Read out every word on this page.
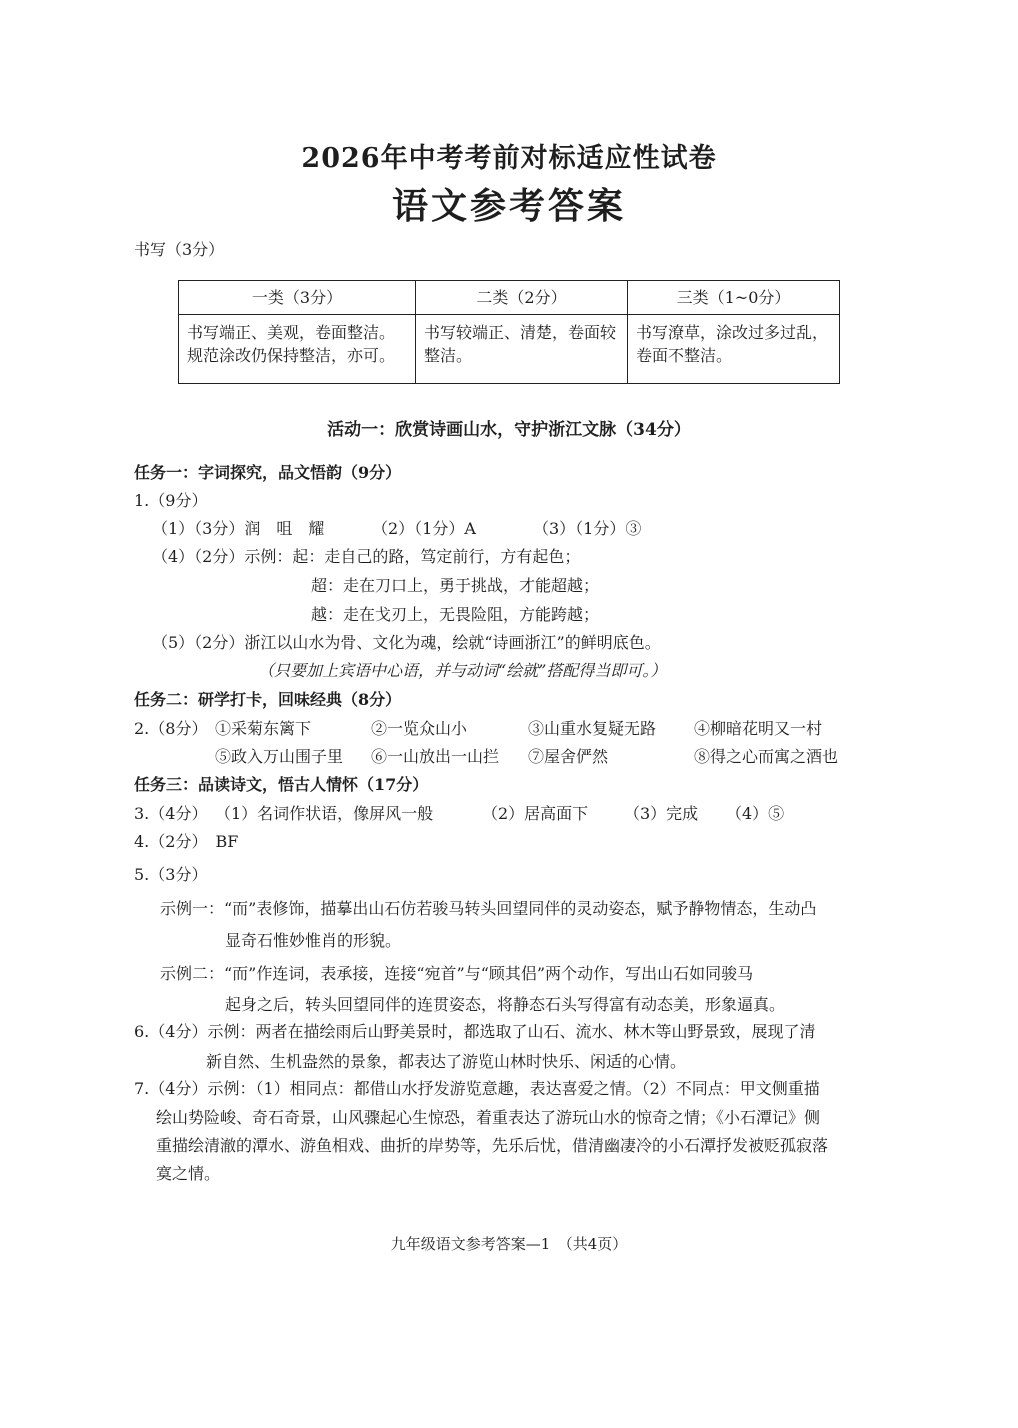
2026年中考考前对标适应性试卷
语文参考答案
书写（3分）
一类（3分）	二类（2分）	三类（1~0分）
书写端正、美观，卷面整洁。规范涂改仍保持整洁，亦可。	书写较端正、清楚，卷面较整洁。	书写潦草，涂改过多过乱，卷面不整洁。
活动一：欣赏诗画山水，守护浙江文脉（34分）
任务一：字词探究，品文悟韵（9分）
1.（9分）
（1）（3分）润　咀　耀	（2）（1分）A	（3）（1分）③
（4）（2分）示例：起：走自己的路，笃定前行，方有起色；
超：走在刀口上，勇于挑战，才能超越；
越：走在戈刃上，无畏险阻，方能跨越；
（5）（2分）浙江以山水为骨、文化为魂，绘就“诗画浙江”的鲜明底色。
（只要加上宾语中心语，并与动词“绘就”搭配得当即可。）
任务二：研学打卡，回味经典（8分）
2.（8分） ①采菊东篱下	②一览众山小	③山重水复疑无路 ④柳暗花明又一村
⑤政入万山围子里 ⑥一山放出一山拦 ⑦屋舍俨然	⑧得之心而寓之酒也
任务三：品读诗文，悟古人情怀（17分）
3.（4分） （1）名词作状语，像屏风一般	（2）居高面下 （3）完成 （4）⑤
4.（2分）　BF
5.（3分）
示例一：“而”表修饰，描摹出山石仿若骏马转头回望同伴的灵动姿态，赋予静物情态，生动凸
显奇石惟妙惟肖的形貌。
示例二：“而”作连词，表承接，连接“宛首”与“顾其侣”两个动作，写出山石如同骏马
起身之后，转头回望同伴的连贯姿态，将静态石头写得富有动态美，形象逼真。
6.（4分）示例：两者在描绘雨后山野美景时，都选取了山石、流水、林木等山野景致，展现了清
新自然、生机盎然的景象，都表达了游览山林时快乐、闲适的心情。
7.（4分）示例：（1）相同点：都借山水抒发游览意趣，表达喜爱之情。（2）不同点：甲文侧重描
绘山势险峻、奇石奇景，山风骤起心生惊恐，着重表达了游玩山水的惊奇之情；《小石潭记》侧
重描绘清澈的潭水、游鱼相戏、曲折的岸势等，先乐后忧，借清幽凄冷的小石潭抒发被贬孤寂落
寞之情。
九年级语文参考答案—1　（共4页）
